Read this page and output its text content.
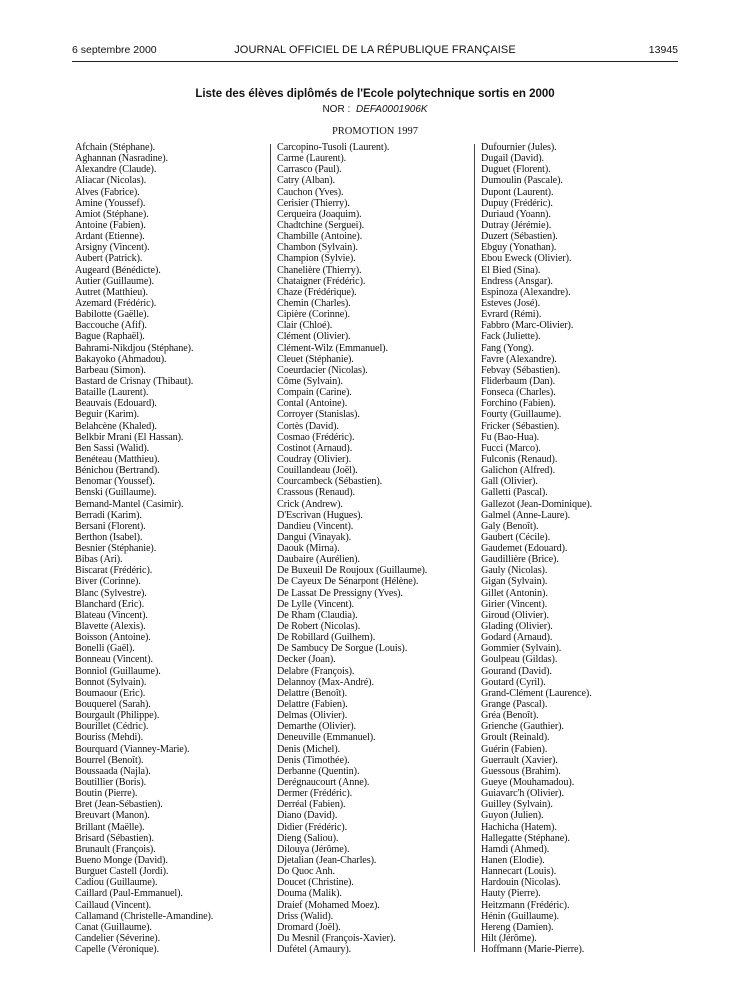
6 septembre 2000	JOURNAL OFFICIEL DE LA RÉPUBLIQUE FRANÇAISE	13945
Liste des élèves diplômés de l'Ecole polytechnique sortis en 2000
NOR : DEFA0001906K
PROMOTION 1997
Afchain (Stéphane).
Aghannan (Nasradine).
Alexandre (Claude).
Aliacar (Nicolas).
Alves (Fabrice).
Amine (Youssef).
Amiot (Stéphane).
Antoine (Fabien).
Ardant (Etienne).
Arsigny (Vincent).
Aubert (Patrick).
Augeard (Bénédicte).
Autier (Guillaume).
Autret (Matthieu).
Azemard (Frédéric).
Babilotte (Gaëlle).
Baccouche (Afif).
Bague (Raphaël).
Bahrami-Nikdjou (Stéphane).
Bakayoko (Ahmadou).
Barbeau (Simon).
Bastard de Crisnay (Thibaut).
Bataille (Laurent).
Beauvais (Edouard).
Beguir (Karim).
Belahcène (Khaled).
Belkbir Mrani (El Hassan).
Ben Sassi (Walid).
Benéteau (Matthieu).
Bénichou (Bertrand).
Benomar (Youssef).
Benski (Guillaume).
Bernand-Mantel (Casimir).
Berradi (Karim).
Bersani (Florent).
Berthon (Isabel).
Besnier (Stéphanie).
Bibas (Ari).
Biscarat (Frédéric).
Biver (Corinne).
Blanc (Sylvestre).
Blanchard (Eric).
Blateau (Vincent).
Blavette (Alexis).
Boisson (Antoine).
Bonelli (Gaël).
Bonneau (Vincent).
Bonniol (Guillaume).
Bonnot (Sylvain).
Boumaour (Eric).
Bouquerel (Sarah).
Bourgault (Philippe).
Bourillet (Cédric).
Bouriss (Mehdi).
Bourquard (Vianney-Marie).
Bourrel (Benoît).
Boussaada (Najla).
Boutillier (Boris).
Boutin (Pierre).
Bret (Jean-Sébastien).
Breuvart (Manon).
Brillant (Maëlle).
Brisard (Sébastien).
Brunault (François).
Bueno Monge (David).
Burguet Castell (Jordi).
Cadiou (Guillaume).
Caillard (Paul-Emmanuel).
Caillaud (Vincent).
Callamand (Christelle-Amandine).
Canat (Guillaume).
Candelier (Séverine).
Capelle (Véronique).
Carcopino-Tusoli (Laurent).
Carme (Laurent).
Carrasco (Paul).
Catry (Alban).
Cauchon (Yves).
Cerisier (Thierry).
Cerqueira (Joaquim).
Chadtchine (Serguei).
Chambille (Antoine).
Chambon (Sylvain).
Champion (Sylvie).
Chanelière (Thierry).
Chataigner (Frédéric).
Chaze (Frédérique).
Chemin (Charles).
Cipière (Corinne).
Clair (Chloé).
Clément (Olivier).
Clément-Wilz (Emmanuel).
Cleuet (Stéphanie).
Coeurdacier (Nicolas).
Côme (Sylvain).
Compain (Carine).
Contal (Antoine).
Corroyer (Stanislas).
Cortès (David).
Cosmao (Frédéric).
Costinot (Arnaud).
Coudray (Olivier).
Couillandeau (Joël).
Courcambeck (Sébastien).
Crassous (Renaud).
Crick (Andrew).
D'Escrivan (Hugues).
Dandieu (Vincent).
Dangui (Vinayak).
Daouk (Mirna).
Daubaire (Aurélien).
De Buxeuil De Roujoux (Guillaume).
De Cayeux De Sénarpont (Hélène).
De Lassat De Pressigny (Yves).
De Lylle (Vincent).
De Rham (Claudia).
De Robert (Nicolas).
De Robillard (Guilhem).
De Sambucy De Sorgue (Louis).
Decker (Joan).
Delabre (François).
Delannoy (Max-André).
Delattre (Benoît).
Delattre (Fabien).
Delmas (Olivier).
Demarthe (Olivier).
Deneuville (Emmanuel).
Denis (Michel).
Denis (Timothée).
Derbanne (Quentin).
Derégnaucourt (Anne).
Dermer (Frédéric).
Derréal (Fabien).
Diano (David).
Didier (Frédéric).
Dieng (Saliou).
Dilouya (Jérôme).
Djetalian (Jean-Charles).
Do Quoc Anh.
Doucet (Christine).
Douma (Malik).
Draief (Mohamed Moez).
Driss (Walid).
Dromard (Joël).
Du Mesnil (François-Xavier).
Dufétel (Amaury).
Dufournier (Jules).
Dugail (David).
Duguet (Florent).
Dumoulin (Pascale).
Dupont (Laurent).
Dupuy (Frédéric).
Duriaud (Yoann).
Dutray (Jérémie).
Duzert (Sébastien).
Ebguy (Yonathan).
Ebou Eweck (Olivier).
El Bied (Sina).
Endress (Ansgar).
Espinoza (Alexandre).
Esteves (José).
Evrard (Rémi).
Fabbro (Marc-Olivier).
Fack (Juliette).
Fang (Yong).
Favre (Alexandre).
Febvay (Sébastien).
Fliderbaum (Dan).
Fonseca (Charles).
Forchino (Fabien).
Fourty (Guillaume).
Fricker (Sébastien).
Fu (Bao-Hua).
Fucci (Marco).
Fulconis (Renaud).
Galichon (Alfred).
Gall (Olivier).
Galletti (Pascal).
Gallezot (Jean-Dominique).
Galmel (Anne-Laure).
Galy (Benoît).
Gaubert (Cécile).
Gaudemet (Edouard).
Gaudillière (Brice).
Gauly (Nicolas).
Gigan (Sylvain).
Gillet (Antonin).
Girier (Vincent).
Giroud (Olivier).
Glading (Olivier).
Godard (Arnaud).
Gommier (Sylvain).
Goulpeau (Gildas).
Gourand (David).
Goutard (Cyril).
Grand-Clément (Laurence).
Grange (Pascal).
Gréa (Benoît).
Grienche (Gauthier).
Groult (Reinald).
Guérin (Fabien).
Guerrault (Xavier).
Guessous (Brahim).
Gueye (Mouhamadou).
Guiavarc'h (Olivier).
Guilley (Sylvain).
Guyon (Julien).
Hachicha (Hatem).
Hallegatte (Stéphane).
Hamdi (Ahmed).
Hanen (Elodie).
Hannecart (Louis).
Hardouin (Nicolas).
Hauty (Pierre).
Heitzmann (Frédéric).
Hénin (Guillaume).
Hereng (Damien).
Hilt (Jérôme).
Hoffmann (Marie-Pierre).
